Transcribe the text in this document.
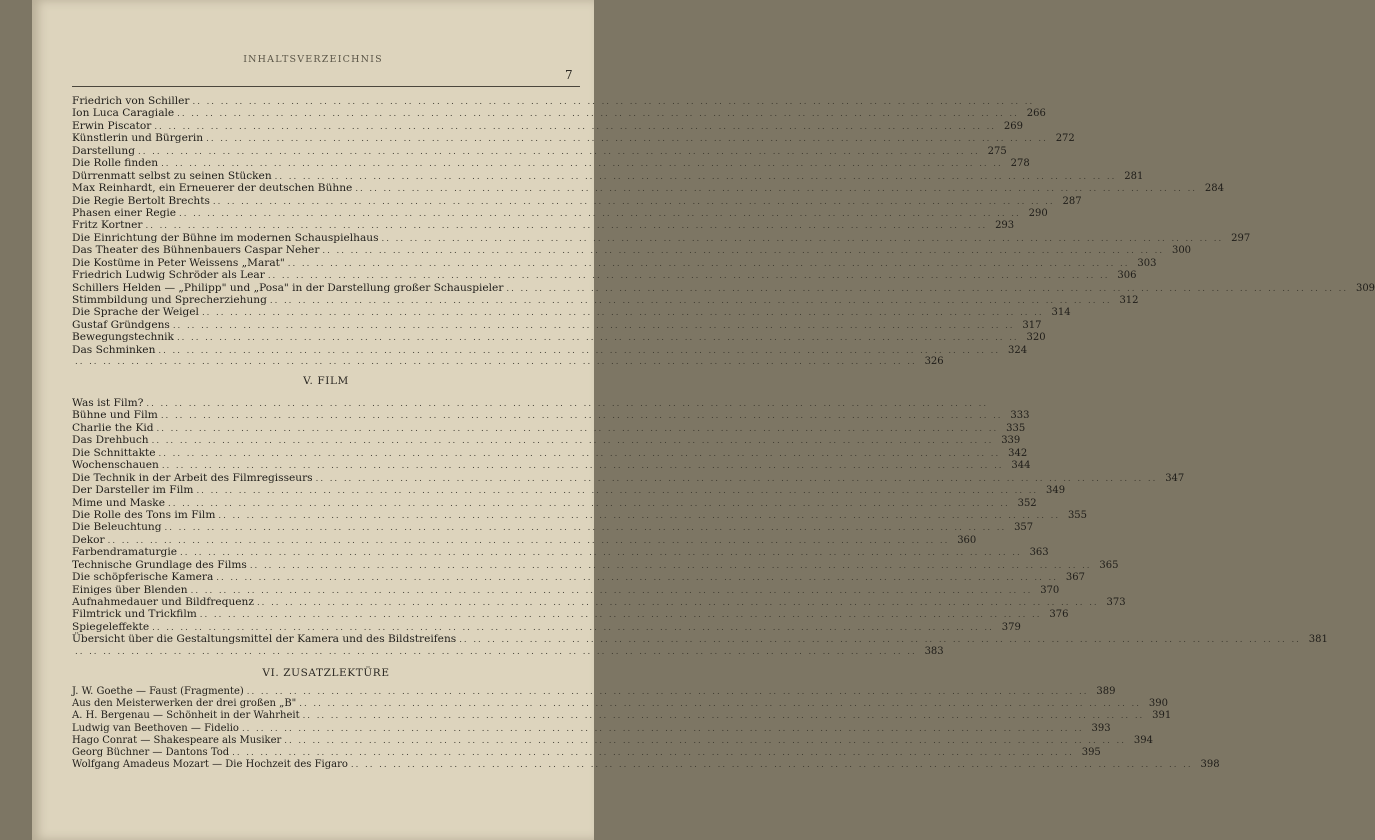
INHALTSVERZEICHNIS
7
Friedrich von Schiller .. .. .. .. .. .. .. .. .. .. .. .. .. .. .. .. .. .. .. .. .. .. .. .. .. .. .. .. .. .. .. .. .. .. .. .. .. .. .. .. .. .. .. .. .. .. .. .. .. .. .. .. .. .. .. .. .. .. .. ..
Ion Luca Caragiale .. .. .. .. .. .. .. .. .. .. .. .. .. .. .. .. .. .. .. .. .. .. .. .. .. .. .. .. .. .. .. .. .. .. .. .. .. .. .. .. .. .. .. .. .. .. .. .. .. .. .. .. .. .. .. .. .. .. .. .. 266
Erwin Piscator .. .. .. .. .. .. .. .. .. .. .. .. .. .. .. .. .. .. .. .. .. .. .. .. .. .. .. .. .. .. .. .. .. .. .. .. .. .. .. .. .. .. .. .. .. .. .. .. .. .. .. .. .. .. .. .. .. .. .. .. 269
Künstlerin und Bürgerin .. .. .. .. .. .. .. .. .. .. .. .. .. .. .. .. .. .. .. .. .. .. .. .. .. .. .. .. .. .. .. .. .. .. .. .. .. .. .. .. .. .. .. .. .. .. .. .. .. .. .. .. .. .. .. .. .. .. .. .. 272
Darstellung .. .. .. .. .. .. .. .. .. .. .. .. .. .. .. .. .. .. .. .. .. .. .. .. .. .. .. .. .. .. .. .. .. .. .. .. .. .. .. .. .. .. .. .. .. .. .. .. .. .. .. .. .. .. .. .. .. .. .. .. 275
Die Rolle finden .. .. .. .. .. .. .. .. .. .. .. .. .. .. .. .. .. .. .. .. .. .. .. .. .. .. .. .. .. .. .. .. .. .. .. .. .. .. .. .. .. .. .. .. .. .. .. .. .. .. .. .. .. .. .. .. .. .. .. .. 278
Dürrenmatt selbst zu seinen Stücken .. .. .. .. .. .. .. .. .. .. .. .. .. .. .. .. .. .. .. .. .. .. .. .. .. .. .. .. .. .. .. .. .. .. .. .. .. .. .. .. .. .. .. .. .. .. .. .. .. .. .. .. .. .. .. .. .. .. .. .. 281
Max Reinhardt, ein Erneuerer der deutschen Bühne .. .. .. .. .. .. .. .. .. .. .. .. .. .. .. .. .. .. .. .. .. .. .. .. .. .. .. .. .. .. .. .. .. .. .. .. .. .. .. .. .. .. .. .. .. .. .. .. .. .. .. .. .. .. .. .. .. .. .. .. 284
Die Regie Bertolt Brechts .. .. .. .. .. .. .. .. .. .. .. .. .. .. .. .. .. .. .. .. .. .. .. .. .. .. .. .. .. .. .. .. .. .. .. .. .. .. .. .. .. .. .. .. .. .. .. .. .. .. .. .. .. .. .. .. .. .. .. .. 287
Phasen einer Regie .. .. .. .. .. .. .. .. .. .. .. .. .. .. .. .. .. .. .. .. .. .. .. .. .. .. .. .. .. .. .. .. .. .. .. .. .. .. .. .. .. .. .. .. .. .. .. .. .. .. .. .. .. .. .. .. .. .. .. .. 290
Fritz Kortner .. .. .. .. .. .. .. .. .. .. .. .. .. .. .. .. .. .. .. .. .. .. .. .. .. .. .. .. .. .. .. .. .. .. .. .. .. .. .. .. .. .. .. .. .. .. .. .. .. .. .. .. .. .. .. .. .. .. .. .. 293
Die Einrichtung der Bühne im modernen Schauspielhaus .. .. .. .. .. .. .. .. .. .. .. .. .. .. .. .. .. .. .. .. .. .. .. .. .. .. .. .. .. .. .. .. .. .. .. .. .. .. .. .. .. .. .. .. .. .. .. .. .. .. .. .. .. .. .. .. .. .. .. .. 297
Das Theater des Bühnenbauers Caspar Neher .. .. .. .. .. .. .. .. .. .. .. .. .. .. .. .. .. .. .. .. .. .. .. .. .. .. .. .. .. .. .. .. .. .. .. .. .. .. .. .. .. .. .. .. .. .. .. .. .. .. .. .. .. .. .. .. .. .. .. .. 300
Die Kostüme in Peter Weissens „Marat" .. .. .. .. .. .. .. .. .. .. .. .. .. .. .. .. .. .. .. .. .. .. .. .. .. .. .. .. .. .. .. .. .. .. .. .. .. .. .. .. .. .. .. .. .. .. .. .. .. .. .. .. .. .. .. .. .. .. .. .. 303
Friedrich Ludwig Schröder als Lear .. .. .. .. .. .. .. .. .. .. .. .. .. .. .. .. .. .. .. .. .. .. .. .. .. .. .. .. .. .. .. .. .. .. .. .. .. .. .. .. .. .. .. .. .. .. .. .. .. .. .. .. .. .. .. .. .. .. .. .. 306
Schillers Helden — „Philipp" und „Posa" in der Darstellung großer Schauspieler .. .. .. .. .. .. .. .. .. .. .. .. .. .. .. .. .. .. .. .. .. .. .. .. .. .. .. .. .. .. .. .. .. .. .. .. .. .. .. .. .. .. .. .. .. .. .. .. .. .. .. .. .. .. .. .. .. .. .. .. 309
Stimmbildung und Sprecherziehung .. .. .. .. .. .. .. .. .. .. .. .. .. .. .. .. .. .. .. .. .. .. .. .. .. .. .. .. .. .. .. .. .. .. .. .. .. .. .. .. .. .. .. .. .. .. .. .. .. .. .. .. .. .. .. .. .. .. .. .. 312
Die Sprache der Weigel .. .. .. .. .. .. .. .. .. .. .. .. .. .. .. .. .. .. .. .. .. .. .. .. .. .. .. .. .. .. .. .. .. .. .. .. .. .. .. .. .. .. .. .. .. .. .. .. .. .. .. .. .. .. .. .. .. .. .. .. 314
Gustaf Gründgens .. .. .. .. .. .. .. .. .. .. .. .. .. .. .. .. .. .. .. .. .. .. .. .. .. .. .. .. .. .. .. .. .. .. .. .. .. .. .. .. .. .. .. .. .. .. .. .. .. .. .. .. .. .. .. .. .. .. .. .. 317
Bewegungstechnik .. .. .. .. .. .. .. .. .. .. .. .. .. .. .. .. .. .. .. .. .. .. .. .. .. .. .. .. .. .. .. .. .. .. .. .. .. .. .. .. .. .. .. .. .. .. .. .. .. .. .. .. .. .. .. .. .. .. .. .. 320
Das Schminken .. .. .. .. .. .. .. .. .. .. .. .. .. .. .. .. .. .. .. .. .. .. .. .. .. .. .. .. .. .. .. .. .. .. .. .. .. .. .. .. .. .. .. .. .. .. .. .. .. .. .. .. .. .. .. .. .. .. .. .. 324
.. .. .. .. .. .. .. .. .. .. .. .. .. .. .. .. .. .. .. .. .. .. .. .. .. .. .. .. .. .. .. .. .. .. .. .. .. .. .. .. .. .. .. .. .. .. .. .. .. .. .. .. .. .. .. .. .. .. .. .. 326
V. FILM
Was ist Film? .. .. .. .. .. .. .. .. .. .. .. .. .. .. .. .. .. .. .. .. .. .. .. .. .. .. .. .. .. .. .. .. .. .. .. .. .. .. .. .. .. .. .. .. .. .. .. .. .. .. .. .. .. .. .. .. .. .. .. ..
Bühne und Film .. .. .. .. .. .. .. .. .. .. .. .. .. .. .. .. .. .. .. .. .. .. .. .. .. .. .. .. .. .. .. .. .. .. .. .. .. .. .. .. .. .. .. .. .. .. .. .. .. .. .. .. .. .. .. .. .. .. .. .. 333
Charlie the Kid .. .. .. .. .. .. .. .. .. .. .. .. .. .. .. .. .. .. .. .. .. .. .. .. .. .. .. .. .. .. .. .. .. .. .. .. .. .. .. .. .. .. .. .. .. .. .. .. .. .. .. .. .. .. .. .. .. .. .. .. 335
Das Drehbuch .. .. .. .. .. .. .. .. .. .. .. .. .. .. .. .. .. .. .. .. .. .. .. .. .. .. .. .. .. .. .. .. .. .. .. .. .. .. .. .. .. .. .. .. .. .. .. .. .. .. .. .. .. .. .. .. .. .. .. .. 339
Die Schnittakte .. .. .. .. .. .. .. .. .. .. .. .. .. .. .. .. .. .. .. .. .. .. .. .. .. .. .. .. .. .. .. .. .. .. .. .. .. .. .. .. .. .. .. .. .. .. .. .. .. .. .. .. .. .. .. .. .. .. .. .. 342
Wochenschauen .. .. .. .. .. .. .. .. .. .. .. .. .. .. .. .. .. .. .. .. .. .. .. .. .. .. .. .. .. .. .. .. .. .. .. .. .. .. .. .. .. .. .. .. .. .. .. .. .. .. .. .. .. .. .. .. .. .. .. .. 344
Die Technik in der Arbeit des Filmregisseurs .. .. .. .. .. .. .. .. .. .. .. .. .. .. .. .. .. .. .. .. .. .. .. .. .. .. .. .. .. .. .. .. .. .. .. .. .. .. .. .. .. .. .. .. .. .. .. .. .. .. .. .. .. .. .. .. .. .. .. .. 347
Der Darsteller im Film .. .. .. .. .. .. .. .. .. .. .. .. .. .. .. .. .. .. .. .. .. .. .. .. .. .. .. .. .. .. .. .. .. .. .. .. .. .. .. .. .. .. .. .. .. .. .. .. .. .. .. .. .. .. .. .. .. .. .. .. 349
Mime und Maske .. .. .. .. .. .. .. .. .. .. .. .. .. .. .. .. .. .. .. .. .. .. .. .. .. .. .. .. .. .. .. .. .. .. .. .. .. .. .. .. .. .. .. .. .. .. .. .. .. .. .. .. .. .. .. .. .. .. .. .. 352
Die Rolle des Tons im Film .. .. .. .. .. .. .. .. .. .. .. .. .. .. .. .. .. .. .. .. .. .. .. .. .. .. .. .. .. .. .. .. .. .. .. .. .. .. .. .. .. .. .. .. .. .. .. .. .. .. .. .. .. .. .. .. .. .. .. .. 355
Die Beleuchtung .. .. .. .. .. .. .. .. .. .. .. .. .. .. .. .. .. .. .. .. .. .. .. .. .. .. .. .. .. .. .. .. .. .. .. .. .. .. .. .. .. .. .. .. .. .. .. .. .. .. .. .. .. .. .. .. .. .. .. .. 357
Dekor .. .. .. .. .. .. .. .. .. .. .. .. .. .. .. .. .. .. .. .. .. .. .. .. .. .. .. .. .. .. .. .. .. .. .. .. .. .. .. .. .. .. .. .. .. .. .. .. .. .. .. .. .. .. .. .. .. .. .. .. 360
Farbendramaturgie .. .. .. .. .. .. .. .. .. .. .. .. .. .. .. .. .. .. .. .. .. .. .. .. .. .. .. .. .. .. .. .. .. .. .. .. .. .. .. .. .. .. .. .. .. .. .. .. .. .. .. .. .. .. .. .. .. .. .. .. 363
Technische Grundlage des Films .. .. .. .. .. .. .. .. .. .. .. .. .. .. .. .. .. .. .. .. .. .. .. .. .. .. .. .. .. .. .. .. .. .. .. .. .. .. .. .. .. .. .. .. .. .. .. .. .. .. .. .. .. .. .. .. .. .. .. .. 365
Die schöpferische Kamera .. .. .. .. .. .. .. .. .. .. .. .. .. .. .. .. .. .. .. .. .. .. .. .. .. .. .. .. .. .. .. .. .. .. .. .. .. .. .. .. .. .. .. .. .. .. .. .. .. .. .. .. .. .. .. .. .. .. .. .. 367
Einiges über Blenden .. .. .. .. .. .. .. .. .. .. .. .. .. .. .. .. .. .. .. .. .. .. .. .. .. .. .. .. .. .. .. .. .. .. .. .. .. .. .. .. .. .. .. .. .. .. .. .. .. .. .. .. .. .. .. .. .. .. .. .. 370
Aufnahmedauer und Bildfrequenz .. .. .. .. .. .. .. .. .. .. .. .. .. .. .. .. .. .. .. .. .. .. .. .. .. .. .. .. .. .. .. .. .. .. .. .. .. .. .. .. .. .. .. .. .. .. .. .. .. .. .. .. .. .. .. .. .. .. .. .. 373
Filmtrick und Trickfilm .. .. .. .. .. .. .. .. .. .. .. .. .. .. .. .. .. .. .. .. .. .. .. .. .. .. .. .. .. .. .. .. .. .. .. .. .. .. .. .. .. .. .. .. .. .. .. .. .. .. .. .. .. .. .. .. .. .. .. .. 376
Spiegeleffekte .. .. .. .. .. .. .. .. .. .. .. .. .. .. .. .. .. .. .. .. .. .. .. .. .. .. .. .. .. .. .. .. .. .. .. .. .. .. .. .. .. .. .. .. .. .. .. .. .. .. .. .. .. .. .. .. .. .. .. .. 379
Übersicht über die Gestaltungsmittel der Kamera und des Bildstreifens .. .. .. .. .. .. .. .. .. .. .. .. .. .. .. .. .. .. .. .. .. .. .. .. .. .. .. .. .. .. .. .. .. .. .. .. .. .. .. .. .. .. .. .. .. .. .. .. .. .. .. .. .. .. .. .. .. .. .. .. 381
.. .. .. .. .. .. .. .. .. .. .. .. .. .. .. .. .. .. .. .. .. .. .. .. .. .. .. .. .. .. .. .. .. .. .. .. .. .. .. .. .. .. .. .. .. .. .. .. .. .. .. .. .. .. .. .. .. .. .. .. 383
VI. ZUSATZLEKTÜRE
J. W. Goethe — Faust (Fragmente) .. .. .. .. .. .. .. .. .. .. .. .. .. .. .. .. .. .. .. .. .. .. .. .. .. .. .. .. .. .. .. .. .. .. .. .. .. .. .. .. .. .. .. .. .. .. .. .. .. .. .. .. .. .. .. .. .. .. .. .. 389
Aus den Meisterwerken der drei großen „B" .. .. .. .. .. .. .. .. .. .. .. .. .. .. .. .. .. .. .. .. .. .. .. .. .. .. .. .. .. .. .. .. .. .. .. .. .. .. .. .. .. .. .. .. .. .. .. .. .. .. .. .. .. .. .. .. .. .. .. .. 390
A. H. Bergenau — Schönheit in der Wahrheit .. .. .. .. .. .. .. .. .. .. .. .. .. .. .. .. .. .. .. .. .. .. .. .. .. .. .. .. .. .. .. .. .. .. .. .. .. .. .. .. .. .. .. .. .. .. .. .. .. .. .. .. .. .. .. .. .. .. .. .. 391
Ludwig van Beethoven — Fidelio .. .. .. .. .. .. .. .. .. .. .. .. .. .. .. .. .. .. .. .. .. .. .. .. .. .. .. .. .. .. .. .. .. .. .. .. .. .. .. .. .. .. .. .. .. .. .. .. .. .. .. .. .. .. .. .. .. .. .. .. 393
Hago Conrat — Shakespeare als Musiker .. .. .. .. .. .. .. .. .. .. .. .. .. .. .. .. .. .. .. .. .. .. .. .. .. .. .. .. .. .. .. .. .. .. .. .. .. .. .. .. .. .. .. .. .. .. .. .. .. .. .. .. .. .. .. .. .. .. .. .. 394
Georg Büchner — Dantons Tod .. .. .. .. .. .. .. .. .. .. .. .. .. .. .. .. .. .. .. .. .. .. .. .. .. .. .. .. .. .. .. .. .. .. .. .. .. .. .. .. .. .. .. .. .. .. .. .. .. .. .. .. .. .. .. .. .. .. .. .. 395
Wolfgang Amadeus Mozart — Die Hochzeit des Figaro .. .. .. .. .. .. .. .. .. .. .. .. .. .. .. .. .. .. .. .. .. .. .. .. .. .. .. .. .. .. .. .. .. .. .. .. .. .. .. .. .. .. .. .. .. .. .. .. .. .. .. .. .. .. .. .. .. .. .. .. 398
